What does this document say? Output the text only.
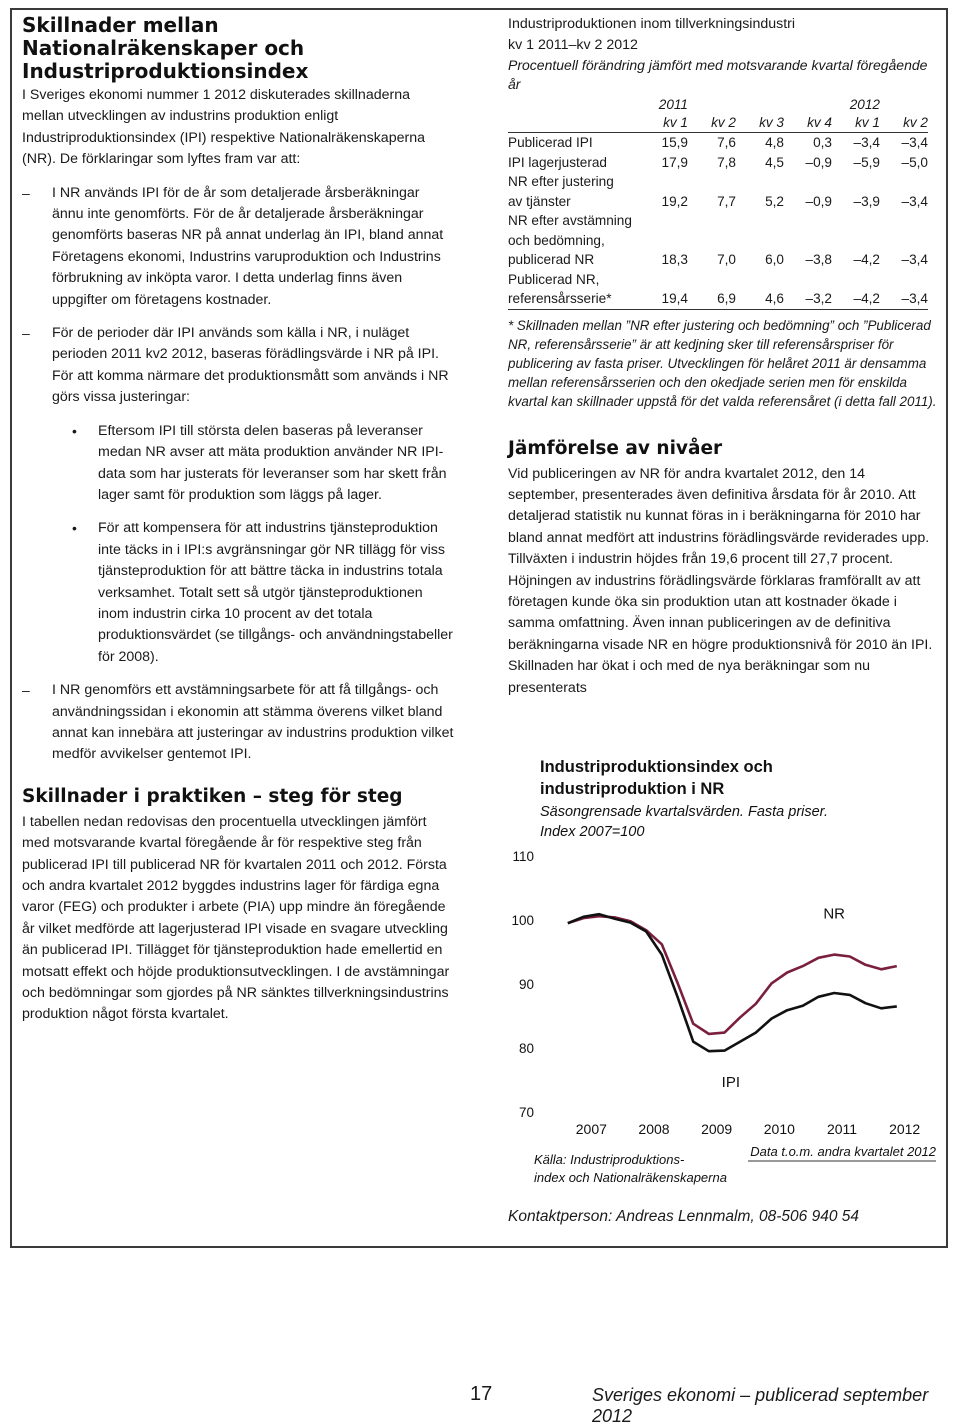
Skillnader mellan Nationalräkenskaper och Industriproduktionsindex

I Sveriges ekonomi nummer 1 2012 diskuterades skillnaderna mellan utvecklingen av industrins produktion enligt Industriproduktionsindex (IPI) respektive Nationalräkenskaperna (NR). De förklaringar som lyftes fram var att:

– I NR används IPI för de år som detaljerade årsberäkningar ännu inte genomförts. För de år detaljerade årsberäkningar genomförts baseras NR på annat underlag än IPI, bland annat Företagens ekonomi, Industrins varuproduktion och Industrins förbrukning av inköpta varor. I detta underlag finns även uppgifter om företagens kostnader.

– För de perioder där IPI används som källa i NR, i nuläget perioden 2011 kv2 2012, baseras förädlingsvärde i NR på IPI. För att komma närmare det produktionsmått som används i NR görs vissa justeringar:

• Eftersom IPI till största delen baseras på leveranser medan NR avser att mäta produktion använder NR IPI-data som har justerats för leveranser som har skett från lager samt för produktion som läggs på lager.

• För att kompensera för att industrins tjänsteproduktion inte täcks in i IPI:s avgränsningar gör NR tillägg för viss tjänsteproduktion för att bättre täcka in industrins totala verksamhet. Totalt sett så utgör tjänsteproduktionen inom industrin cirka 10 procent av det totala produktionsvärdet (se tillgångs- och användningstabeller för 2008).

– I NR genomförs ett avstämningsarbete för att få tillgångs- och användningssidan i ekonomin att stämma överens vilket bland annat kan innebära att justeringar av industrins produktion vilket medför avvikelser gentemot IPI.

Skillnader i praktiken – steg för steg

I tabellen nedan redovisas den procentuella utvecklingen jämfört med motsvarande kvartal föregående år för respektive steg från publicerad IPI till publicerad NR för kvartalen 2011 och 2012. Första och andra kvartalet 2012 byggdes industrins lager för färdiga egna varor (FEG) och produkter i arbete (PIA) upp mindre än föregående år vilket medförde att lagerjusterad IPI visade en svagare utveckling än publicerad IPI. Tillägget för tjänsteproduktion hade emellertid en motsatt effekt och höjde produktionsutvecklingen. I de avstämningar och bedömningar som gjordes på NR sänktes tillverkningsindustrins produktion något första kvartalet.

Industriproduktionen inom tillverkningsindustri

kv 1 2011–kv 2 2012

Procentuell förändring jämfört med motsvarande kvartal föregående år

	2011				2012	
	kv 1	kv 2	kv 3	kv 4	kv 1	kv 2
Publicerad IPI	15,9	7,6	4,8	0,3	–3,4	–3,4
IPI lagerjusterad	17,9	7,8	4,5	–0,9	–5,9	–5,0
NR efter justering						
av tjänster	19,2	7,7	5,2	–0,9	–3,9	–3,4
NR efter avstämning						
och bedömning,						
publicerad NR	18,3	7,0	6,0	–3,8	–4,2	–3,4
Publicerad NR,						
referensårsserie*	19,4	6,9	4,6	–3,2	–4,2	–3,4

* Skillnaden mellan ”NR efter justering och bedömning” och ”Publicerad NR, referensårsserie” är att kedjning sker till referensårspriser för publicering av fasta priser. Utvecklingen för helåret 2011 är densamma mellan referensårsserien och den okedjade serien men för enskilda kvartal kan skillnader uppstå för det valda referensåret (i detta fall 2011).

Jämförelse av nivåer

Vid publiceringen av NR för andra kvartalet 2012, den 14 september, presenterades även definitiva årsdata för år 2010. Att detaljerad statistik nu kunnat föras in i beräkningarna för 2010 har bland annat medfört att industrins förädlingsvärde reviderades upp. Tillväxten i industrin höjdes från 19,6 procent till 27,7 procent. Höjningen av industrins förädlingsvärde förklaras framförallt av att företagen kunde öka sin produktion utan att kostnader ökade i samma omfattning. Även innan publiceringen av de definitiva beräkningarna visade NR en högre produktionsnivå för 2010 än IPI. Skillnaden har ökat i och med de nya beräkningar som nu presenterats

Industriproduktionsindex och
industriproduktion i NR
Säsongrensade kvartalsvärden. Fasta priser.
Index 2007=100
110
100
90
80
70
2007 2008 2009 2010 2011 2012
NR
IPI
Källa: Industriproduktions-
index och Nationalräkenskaperna
Data t.o.m. andra kvartalet 2012
Kontaktperson: Andreas Lennmalm, 08-506 940 54
17	Sveriges ekonomi – publicerad september 2012
